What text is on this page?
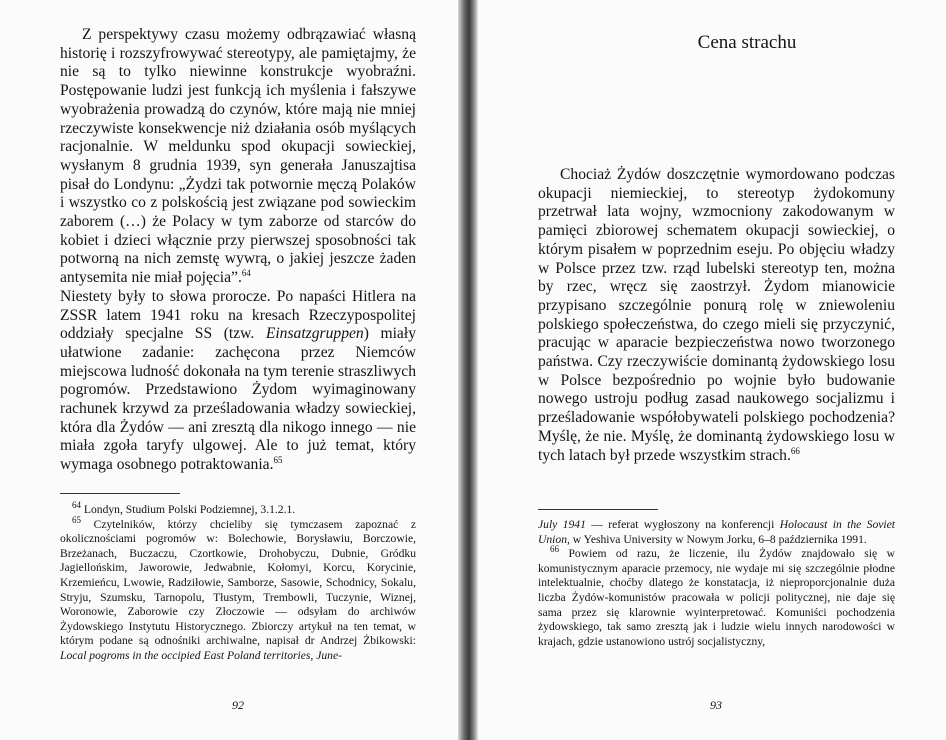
Z perspektywy czasu możemy odbrązawiać własną historię i rozszyfrowywać stereotypy, ale pamiętajmy, że nie są to tylko niewinne konstrukcje wyobraźni. Postępowanie ludzi jest funkcją ich myślenia i fałszywe wyobrażenia prowadzą do czynów, które mają nie mniej rzeczywiste konsekwencje niż działania osób myślących racjonalnie. W meldunku spod okupacji sowieckiej, wysłanym 8 grudnia 1939, syn generała Januszajtisa pisał do Londynu: „Żydzi tak potwornie męczą Polaków i wszystko co z polskością jest związane pod sowieckim zaborem (…) że Polacy w tym zaborze od starców do kobiet i dzieci włącznie przy pierwszej sposobności tak potworną na nich zemstę wywrą, o jakiej jeszcze żaden antysemita nie miał pojęcia”.$^{64}$

Niestety były to słowa prorocze. Po napaści Hitlera na ZSSR latem 1941 roku na kresach Rzeczypospolitej oddziały specjalne SS (tzw. Einsatzgruppen) miały ułatwione zadanie: zachęcona przez Niemców miejscowa ludność dokonała na tym terenie straszliwych pogromów. Przedstawiono Żydom wyimaginowany rachunek krzywd za prześladowania władzy sowieckiej, która dla Żydów — ani zresztą dla nikogo innego — nie miała zgoła taryfy ulgowej. Ale to już temat, który wymaga osobnego potraktowania.$^{65}$

$^{64}$ Londyn, Studium Polski Podziemnej, 3.1.2.1.

$^{65}$ Czytelników, którzy chcieliby się tymczasem zapoznać z okolicznościami pogromów w: Bolechowie, Borysławiu, Borczowie, Brzeżanach, Buczaczu, Czortkowie, Drohobyczu, Dubnie, Gródku Jagiellońskim, Jaworowie, Jedwabnie, Kołomyi, Korcu, Korycinie, Krzemieńcu, Lwowie, Radziłowie, Samborze, Sasowie, Schodnicy, Sokalu, Stryju, Szumsku, Tarnopolu, Tłustym, Trembowli, Tuczynie, Wiznej, Woronowie, Zaborowie czy Złoczowie — odsyłam do archiwów Żydowskiego Instytutu Historycznego. Zbiorczy artykuł na ten temat, w którym podane są odnośniki archiwalne, napisał dr Andrzej Żbikowski: Local pogroms in the occipied East Poland territories, June-

92
Cena strachu

Chociaż Żydów doszczętnie wymordowano podczas okupacji niemieckiej, to stereotyp żydokomuny przetrwał lata wojny, wzmocniony zakodowanym w pamięci zbiorowej schematem okupacji sowieckiej, o którym pisałem w poprzednim eseju. Po objęciu władzy w Polsce przez tzw. rząd lubelski stereotyp ten, można by rzec, wręcz się zaostrzył. Żydom mianowicie przypisano szczególnie ponurą rolę w zniewoleniu polskiego społeczeństwa, do czego mieli się przyczynić, pracując w aparacie bezpieczeństwa nowo tworzonego państwa. Czy rzeczywiście dominantą żydowskiego losu w Polsce bezpośrednio po wojnie było budowanie nowego ustroju podług zasad naukowego socjalizmu i prześladowanie współobywateli polskiego pochodzenia? Myślę, że nie. Myślę, że dominantą żydowskiego losu w tych latach był przede wszystkim strach.$^{66}$

July 1941 — referat wygłoszony na konferencji Holocaust in the Soviet Union, w Yeshiva University w Nowym Jorku, 6–8 października 1991.

$^{66}$ Powiem od razu, że liczenie, ilu Żydów znajdowało się w komunistycznym aparacie przemocy, nie wydaje mi się szczególnie płodne intelektualnie, choćby dlatego że konstatacja, iż nieproporcjonalnie duża liczba Żydów-komunistów pracowała w policji politycznej, nie daje się sama przez się klarownie wyinterpretować. Komuniści pochodzenia żydowskiego, tak samo zresztą jak i ludzie wielu innych narodowości w krajach, gdzie ustanowiono ustrój socjalistyczny,

93
